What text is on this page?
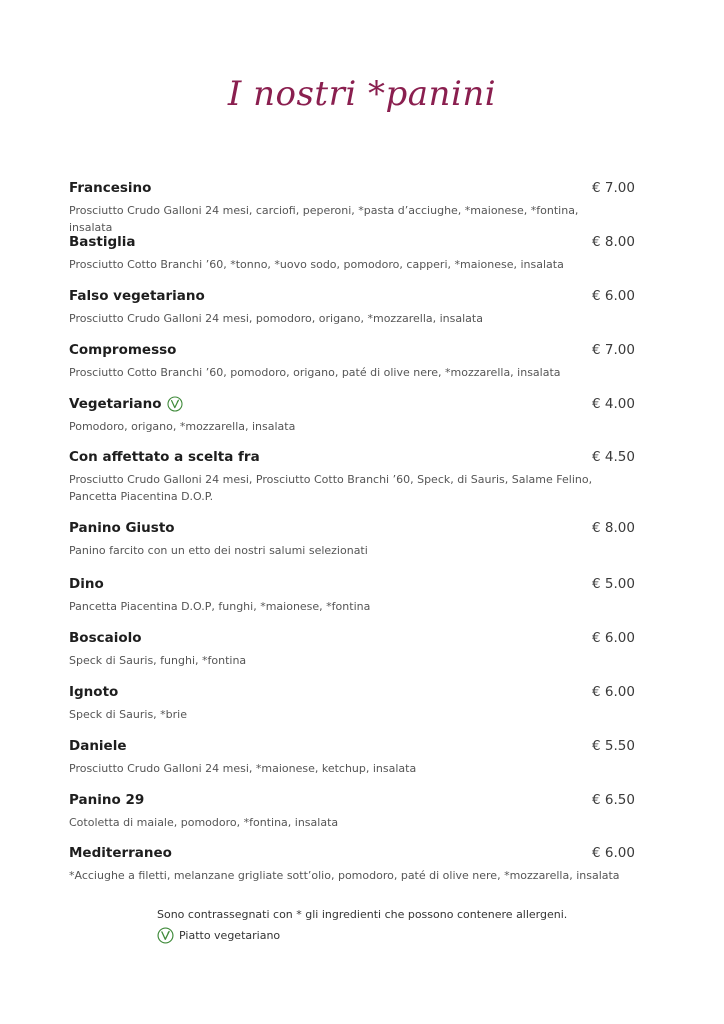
I nostri *panini
Francesino	€ 7.00
Prosciutto Crudo Galloni 24 mesi, carciofi, peperoni, *pasta d’acciughe, *maionese, *fontina, insalata
Bastiglia	€ 8.00
Prosciutto Cotto Branchi ’60, *tonno, *uovo sodo, pomodoro, capperi, *maionese, insalata
Falso vegetariano	€ 6.00
Prosciutto Crudo Galloni 24 mesi, pomodoro, origano, *mozzarella, insalata
Compromesso	€ 7.00
Prosciutto Cotto Branchi ’60, pomodoro, origano, paté di olive nere, *mozzarella, insalata
Vegetariano	€ 4.00
Pomodoro, origano, *mozzarella, insalata
Con affettato a scelta fra	€ 4.50
Prosciutto Crudo Galloni 24 mesi, Prosciutto Cotto Branchi ’60, Speck, di Sauris, Salame Felino, Pancetta Piacentina D.O.P.
Panino Giusto	€ 8.00
Panino farcito con un etto dei nostri salumi selezionati
Dino	€ 5.00
Pancetta Piacentina D.O.P, funghi, *maionese, *fontina
Boscaiolo	€ 6.00
Speck di Sauris, funghi, *fontina
Ignoto	€ 6.00
Speck di Sauris, *brie
Daniele	€ 5.50
Prosciutto Crudo Galloni 24 mesi, *maionese, ketchup, insalata
Panino 29	€ 6.50
Cotoletta di maiale, pomodoro, *fontina, insalata
Mediterraneo	€ 6.00
*Acciughe a filetti, melanzane grigliate sott’olio, pomodoro, paté di olive nere, *mozzarella, insalata
Sono contrassegnati con * gli ingredienti che possono contenere allergeni.
Piatto vegetariano
